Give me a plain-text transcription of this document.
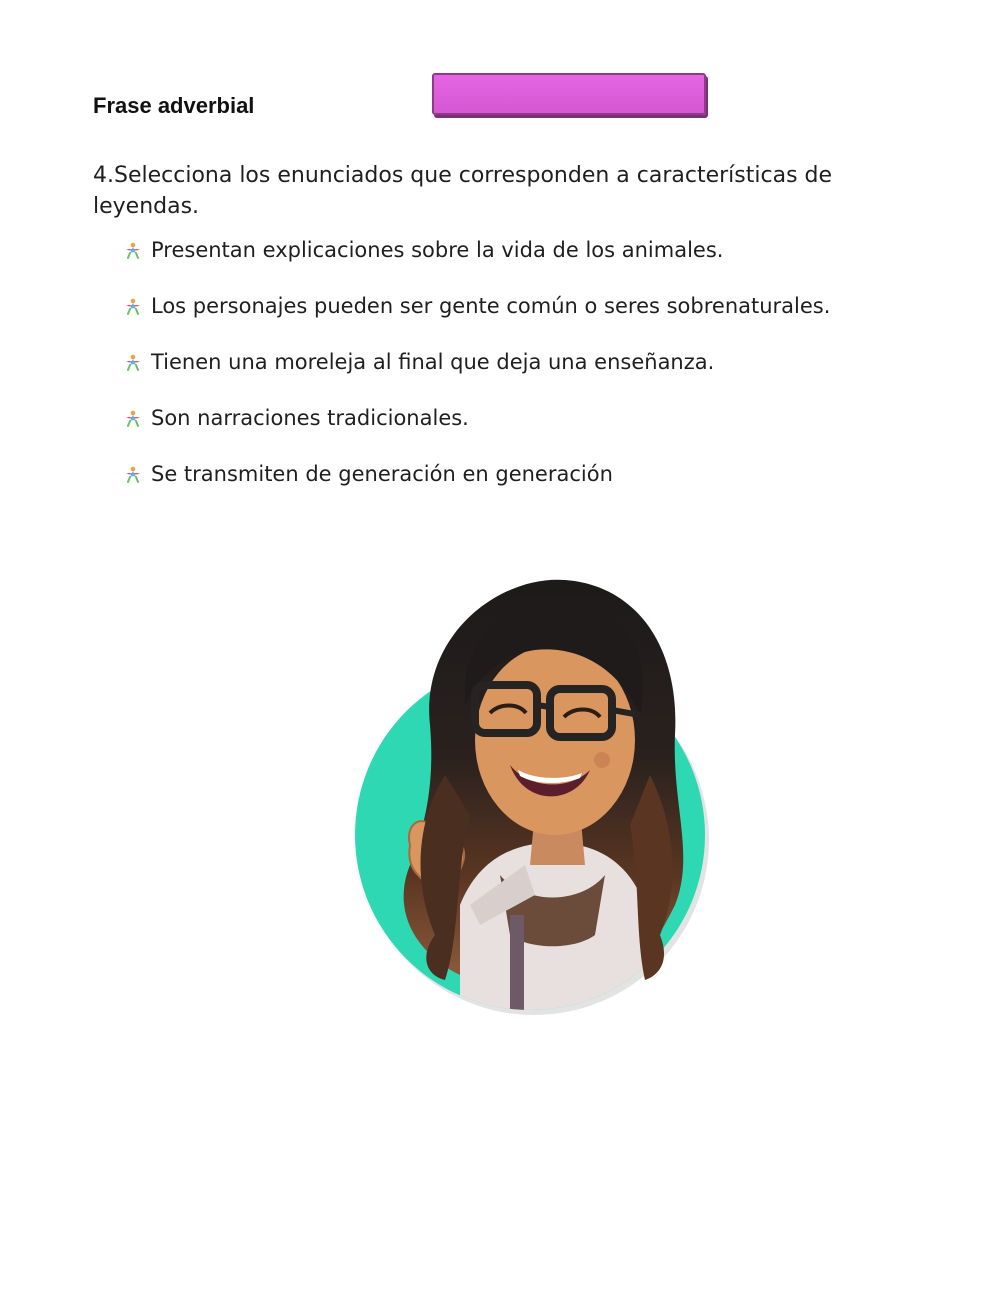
Frase adverbial
4.Selecciona los enunciados que corresponden a características de leyendas.
Presentan explicaciones sobre la vida de los animales.
Los personajes pueden ser gente común o seres sobrenaturales.
Tienen una moreleja al final que deja una enseñanza.
Son narraciones tradicionales.
Se transmiten de generación en generación
